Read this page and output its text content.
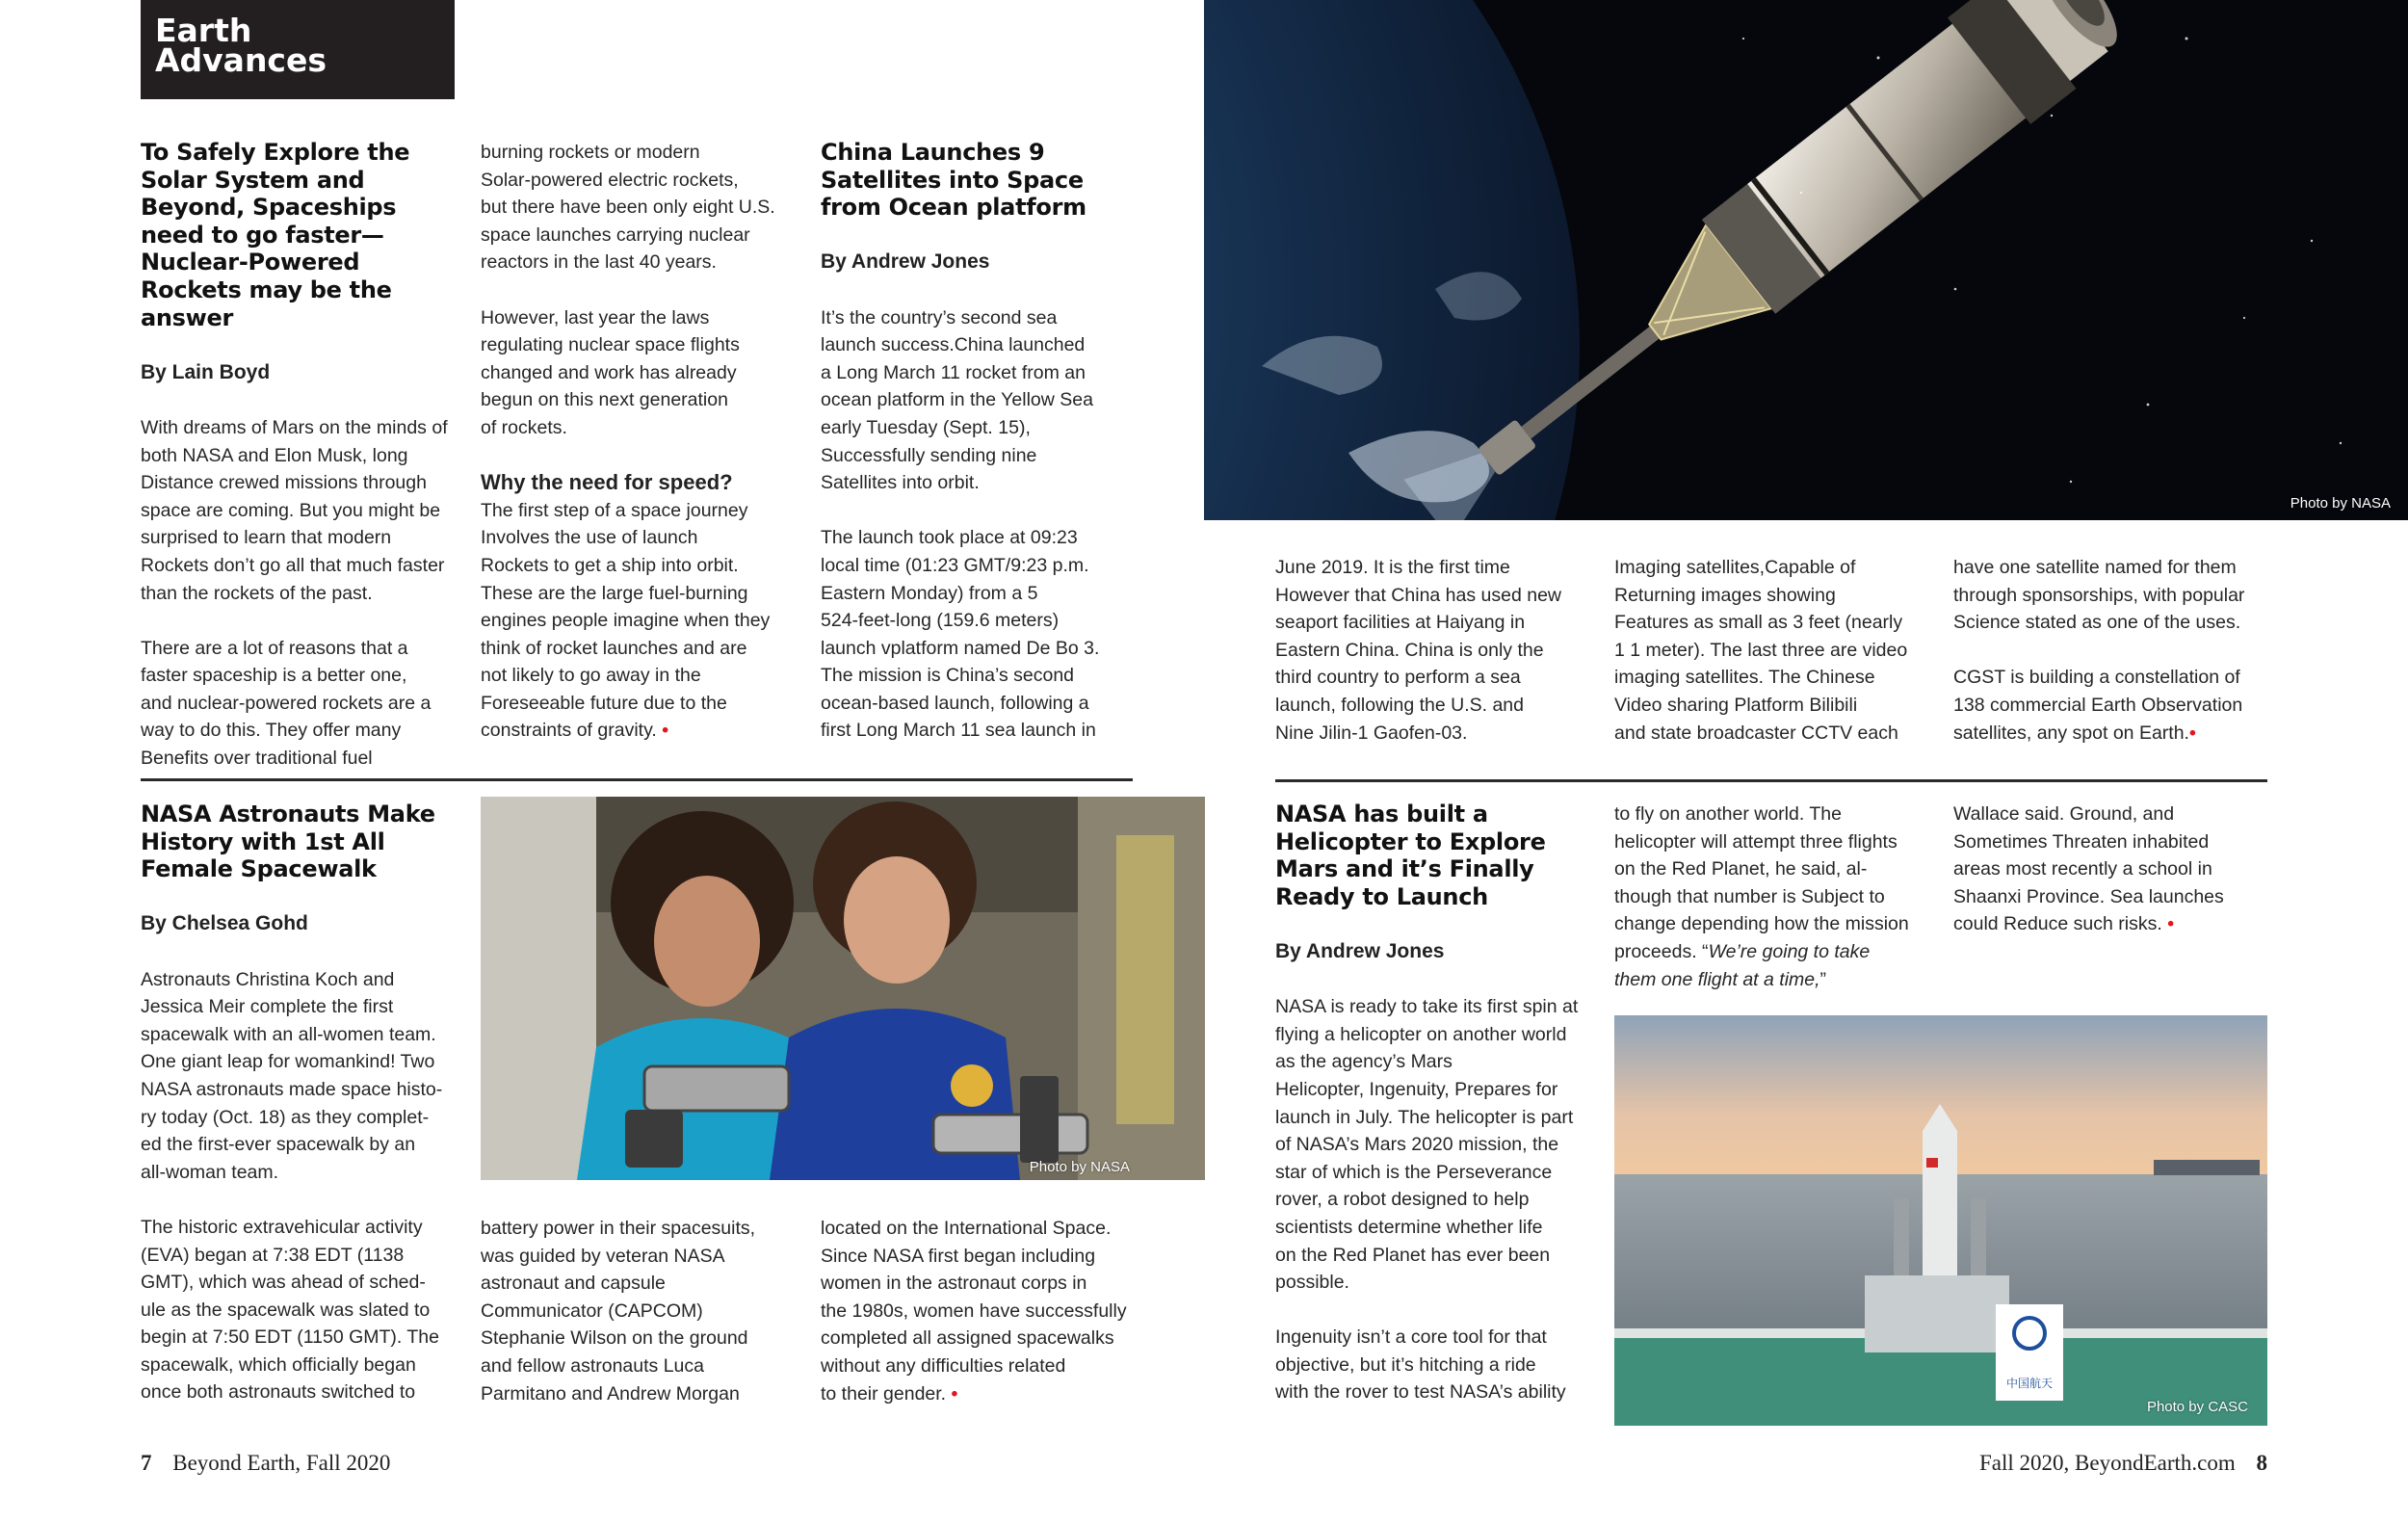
Earth
Advances
To Safely Explore the Solar System and Beyond, Spaceships need to go faster—Nuclear-Powered Rockets may be the answer
By Lain Boyd

With dreams of Mars on the minds of
both NASA and Elon Musk, long
Distance crewed missions through
space are coming. But you might be
surprised to learn that modern
Rockets don’t go all that much faster
than the rockets of the past.

There are a lot of reasons that a
faster spaceship is a better one,
and nuclear-powered rockets are a
way to do this. They offer many
Benefits over traditional fuel

burning rockets or modern
Solar-powered electric rockets,
but there have been only eight U.S.
space launches carrying nuclear
reactors in the last 40 years.

However, last year the laws
regulating nuclear space flights
changed and work has already
begun on this next generation
of rockets.

Why the need for speed?

The first step of a space journey
Involves the use of launch
Rockets to get a ship into orbit.
These are the large fuel-burning
engines people imagine when they
think of rocket launches and are
not likely to go away in the
Foreseeable future due to the
constraints of gravity. •

China Launches 9 Satellites into Space from Ocean platform
By Andrew Jones

It’s the country’s second sea
launch success.China launched
a Long March 11 rocket from an
ocean platform in the Yellow Sea
early Tuesday (Sept. 15),
Successfully sending nine
Satellites into orbit.

The launch took place at 09:23
local time (01:23 GMT/9:23 p.m.
Eastern Monday) from a 5
524-feet-long (159.6 meters)
launch vplatform named De Bo 3.
The mission is China’s second
ocean-based launch, following a
first Long March 11 sea launch in

Photo by NASA

June 2019. It is the first time
However that China has used new
seaport facilities at Haiyang in
Eastern China. China is only the
third country to perform a sea
launch, following the U.S. and
Nine Jilin-1 Gaofen-03.

Imaging satellites,Capable of
Returning images showing
Features as small as 3 feet (nearly
1 1 meter). The last three are video
imaging satellites. The Chinese
Video sharing Platform Bilibili
and state broadcaster CCTV each

have one satellite named for them
through sponsorships, with popular
Science stated as one of the uses.

CGST is building a constellation of
138 commercial Earth Observation
satellites, any spot on Earth.•

NASA Astronauts Make History with 1st All Female Spacewalk
By Chelsea Gohd

Astronauts Christina Koch and
Jessica Meir complete the first
spacewalk with an all-women team.
One giant leap for womankind! Two
NASA astronauts made space histo-
ry today (Oct. 18) as they complet-
ed the first-ever spacewalk by an
all-woman team.

The historic extravehicular activity
(EVA) began at 7:38 EDT (1138
GMT), which was ahead of sched-
ule as the spacewalk was slated to
begin at 7:50 EDT (1150 GMT). The
spacewalk, which officially began
once both astronauts switched to

Photo by NASA

battery power in their spacesuits,
was guided by veteran NASA
astronaut and capsule
Communicator (CAPCOM)
Stephanie Wilson on the ground
and fellow astronauts Luca
Parmitano and Andrew Morgan

located on the International Space.
Since NASA first began including
women in the astronaut corps in
the 1980s, women have successfully
completed all assigned spacewalks
without any difficulties related
to their gender. •

NASA has built a Helicopter to Explore Mars and it’s Finally Ready to Launch
By Andrew Jones

NASA is ready to take its first spin at
flying a helicopter on another world
as the agency’s Mars
Helicopter, Ingenuity, Prepares for
launch in July. The helicopter is part
of NASA’s Mars 2020 mission, the
star of which is the Perseverance
rover, a robot designed to help
scientists determine whether life
on the Red Planet has ever been
possible.

Ingenuity isn’t a core tool for that
objective, but it’s hitching a ride
with the rover to test NASA’s ability

to fly on another world. The
helicopter will attempt three flights
on the Red Planet, he said, al-
though that number is Subject to
change depending how the mission
proceeds. “We’re going to take
them one flight at a time,”

Wallace said. Ground, and
Sometimes Threaten inhabited
areas most recently a school in
Shaanxi Province. Sea launches
could Reduce such risks. •

中国航天
Photo by CASC
7 Beyond Earth, Fall 2020	Fall 2020, BeyondEarth.com 8
